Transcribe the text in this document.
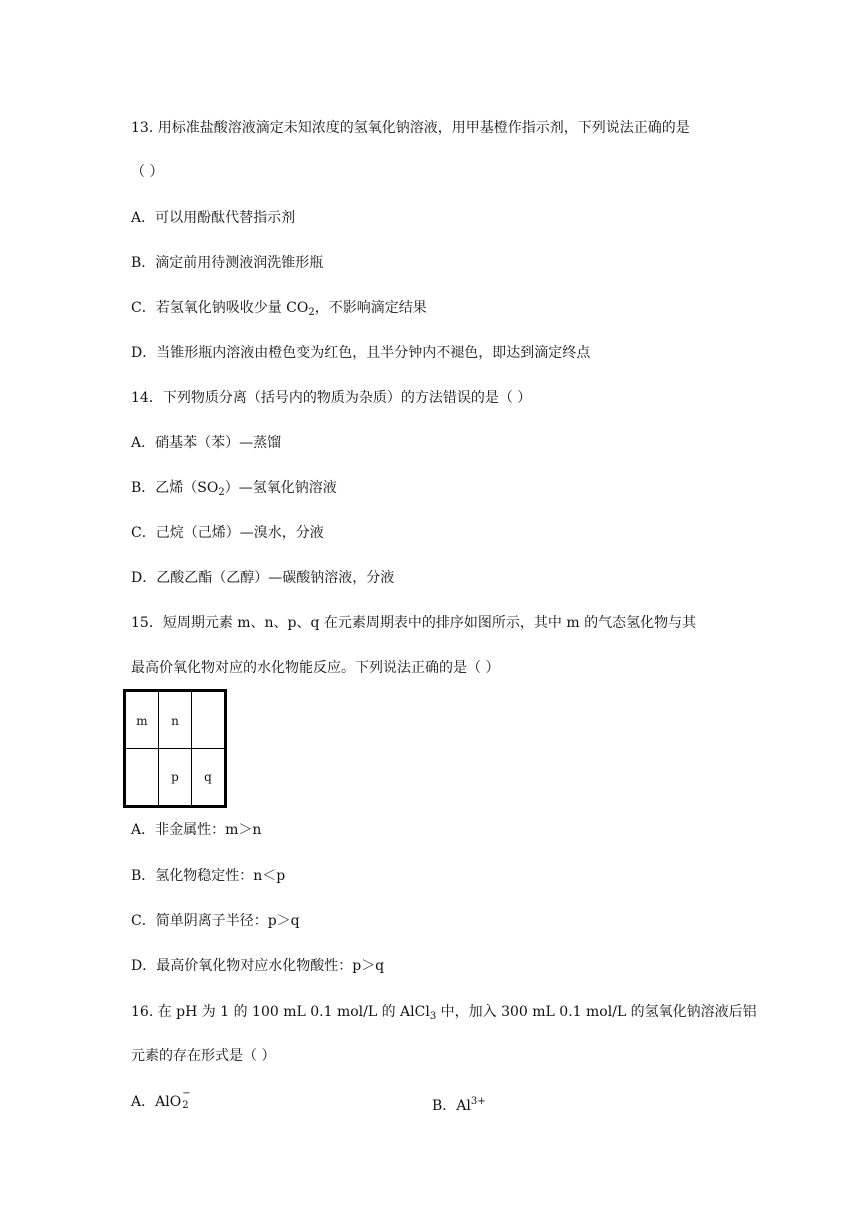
13. 用标准盐酸溶液滴定未知浓度的氢氧化钠溶液，用甲基橙作指示剂，下列说法正确的是
（ ）
A．可以用酚酞代替指示剂
B．滴定前用待测液润洗锥形瓶
C．若氢氧化钠吸收少量 $CO_2$，不影响滴定结果
D．当锥形瓶内溶液由橙色变为红色，且半分钟内不褪色，即达到滴定终点
14．下列物质分离（括号内的物质为杂质）的方法错误的是（ ）
A．硝基苯（苯）—蒸馏
B．乙烯$(SO_2)—$氢氧化钠溶液
C．己烷（己烯）—溴水，分液
D．乙酸乙酯（乙醇）—碳酸钠溶液，分液
15．短周期元素 m、n、p、q 在元素周期表中的排序如图所示，其中 m 的气态氢化物与其
最高价氧化物对应的水化物能反应。下列说法正确的是（ ）
m	n	
	p	q
A．非金属性：m＞n
B．氢化物稳定性：n＜p
C．简单阴离子半径：p＞q
D．最高价氧化物对应水化物酸性：p＞q
16. 在 pH 为 1 的 100 mL 0.1 mol/L 的 AlCl$_3$ 中，加入 300 mL 0.1 mol/L 的氢氧化钠溶液后铝
元素的存在形式是（ ）
A．AlO
−
2	B．$Al^{3+}$
